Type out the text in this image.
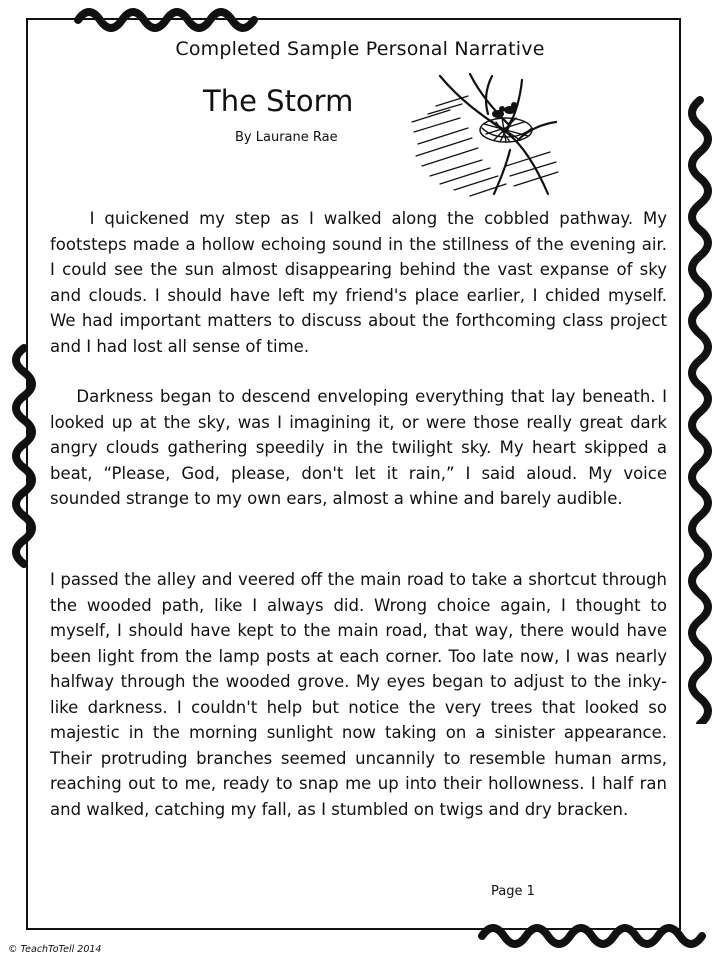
Completed Sample Personal Narrative
The Storm
By Laurane Rae

I quickened my step as I walked along the cobbled pathway. My footsteps made a hollow echoing sound in the stillness of the evening air. I could see the sun almost disappearing behind the vast expanse of sky and clouds. I should have left my friend's place earlier, I chided myself. We had important matters to discuss about the forthcoming class project and I had lost all sense of time.

Darkness began to descend enveloping everything that lay beneath. I looked up at the sky, was I imagining it, or were those really great dark angry clouds gathering speedily in the twilight sky. My heart skipped a beat, “Please, God, please, don't let it rain,” I said aloud. My voice sounded strange to my own ears, almost a whine and barely audible.

I passed the alley and veered off the main road to take a shortcut through the wooded path, like I always did. Wrong choice again, I thought to myself, I should have kept to the main road, that way, there would have been light from the lamp posts at each corner. Too late now, I was nearly halfway through the wooded grove. My eyes began to adjust to the inky-like darkness. I couldn't help but notice the very trees that looked so majestic in the morning sunlight now taking on a sinister appearance. Their protruding branches seemed uncannily to resemble human arms, reaching out to me, ready to snap me up into their hollowness. I half ran and walked, catching my fall, as I stumbled on twigs and dry bracken.

Page 1
© TeachToTell 2014
